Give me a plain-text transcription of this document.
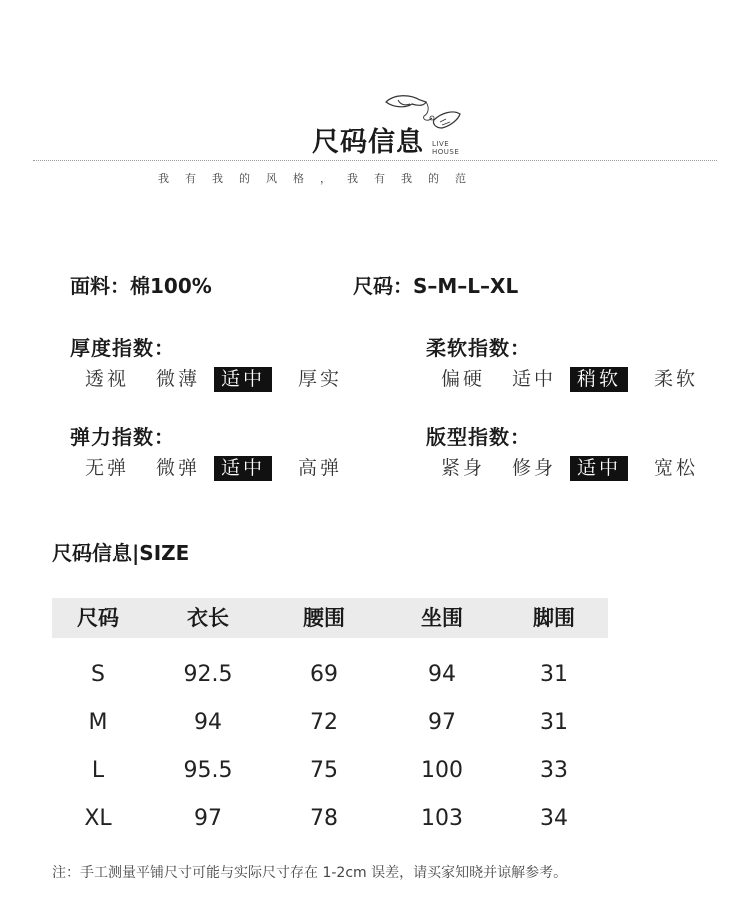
尺码信息 LIVE
HOUSE
我有我的风格，我有我的范
面料：棉100%	尺码：S–M–L–XL
厚度指数：
透视	微薄	适中	厚实
柔软指数：
偏硬	适中	稍软	柔软
弹力指数：
无弹	微弹	适中	高弹
版型指数：
紧身	修身	适中	宽松
尺码信息|SIZE
尺码	衣长	腰围	坐围	脚围
S	92.5	69	94	31
M	94	72	97	31
L	95.5	75	100	33
XL	97	78	103	34
注：手工测量平铺尺寸可能与实际尺寸存在 1-2cm 误差，请买家知晓并谅解参考。
